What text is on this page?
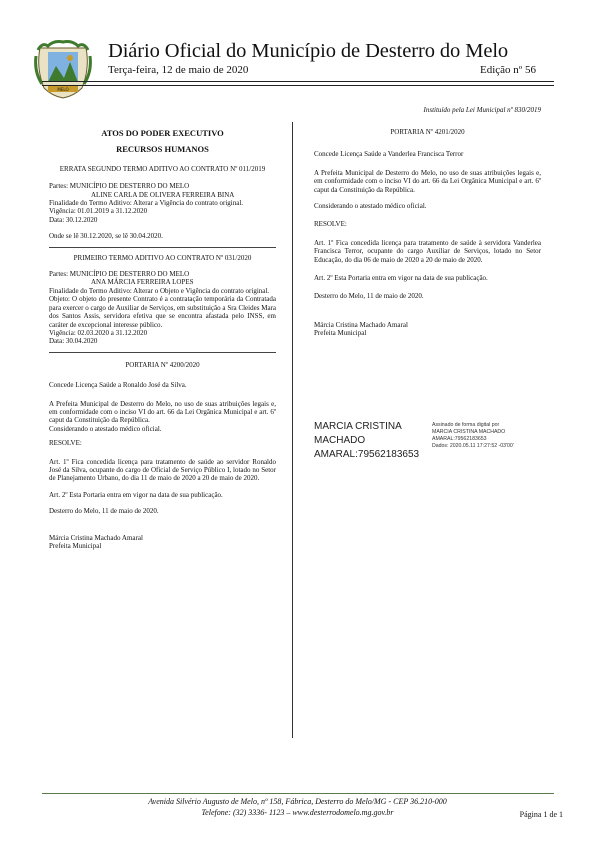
MELO
Diário Oficial do Município de Desterro do Melo
Terça-feira, 12 de maio de 2020	Edição nº 56
Instituído pela Lei Municipal nº 830/2019
ATOS DO PODER EXECUTIVO
RECURSOS HUMANOS
ERRATA SEGUNDO TERMO ADITIVO AO CONTRATO Nº 011/2019
Partes: MUNICÍPIO DE DESTERRO DO MELO
ALINE CARLA DE OLIVERA FERREIRA BINA
Finalidade do Termo Aditivo: Alterar a Vigência do contrato original.
Vigência: 01.01.2019 a 31.12.2020
Data: 30.12.2020
Onde se lê 30.12.2020, se lê 30.04.2020.
PRIMEIRO TERMO ADITIVO AO CONTRATO Nº 031/2020
Partes: MUNICÍPIO DE DESTERRO DO MELO
ANA MÁRCIA FERREIRA LOPES
Finalidade do Termo Aditivo: Alterar o Objeto e Vigência do contrato original.
Objeto: O objeto do presente Contrato é a contratação temporária da Contratada para exercer o cargo de Auxiliar de Serviços, em substituição a Sra Cleides Mara dos Santos Assis, servidora efetiva que se encontra afastada pelo INSS, em caráter de excepcional interesse público.
Vigência: 02.03.2020 a 31.12.2020
Data: 30.04.2020
PORTARIA Nº 4200/2020
Concede Licença Saúde a Ronaldo José da Silva.
A Prefeita Municipal de Desterro do Melo, no uso de suas atribuições legais e, em conformidade com o inciso VI do art. 66 da Lei Orgânica Municipal e art. 6º caput da Constituição da República.
Considerando o atestado médico oficial.
RESOLVE:
Art. 1º Fica concedida licença para tratamento de saúde ao servidor Ronaldo José da Silva, ocupante do cargo de Oficial de Serviço Público I, lotado no Setor de Planejamento Urbano, do dia 11 de maio de 2020 a 20 de maio de 2020.
Art. 2º Esta Portaria entra em vigor na data de sua publicação.
Desterro do Melo, 11 de maio de 2020.
Márcia Cristina Machado Amaral
Prefeita Municipal
PORTARIA Nº 4201/2020
Concede Licença Saúde a Vanderlea Francisca Terror
A Prefeita Municipal de Desterro do Melo, no uso de suas atribuições legais e, em conformidade com o inciso VI do art. 66 da Lei Orgânica Municipal e art. 6º caput da Constituição da República.
Considerando o atestado médico oficial.
RESOLVE:
Art. 1º Fica concedida licença para tratamento de saúde à servidora Vanderlea Francisca Terror, ocupante do cargo Auxiliar de Serviços, lotado no Setor Educação, do dia 06 de maio de 2020 a 20 de maio de 2020.
Art. 2º Esta Portaria entra em vigor na data de sua publicação.
Desterro do Melo, 11 de maio de 2020.
Márcia Cristina Machado Amaral
Prefeita Municipal
MARCIA CRISTINA
MACHADO
AMARAL:79562183653
Assinado de forma digital por
MARCIA CRISTINA MACHADO
AMARAL:79562183653
Dados: 2020.05.11 17:27:52 -03'00'
Avenida Silvério Augusto de Melo, nº 158, Fábrica, Desterro do Melo/MG - CEP 36.210-000
Telefone: (32) 3336- 1123 – www.desterrodomelo.mg.gov.br	Página 1 de 1
